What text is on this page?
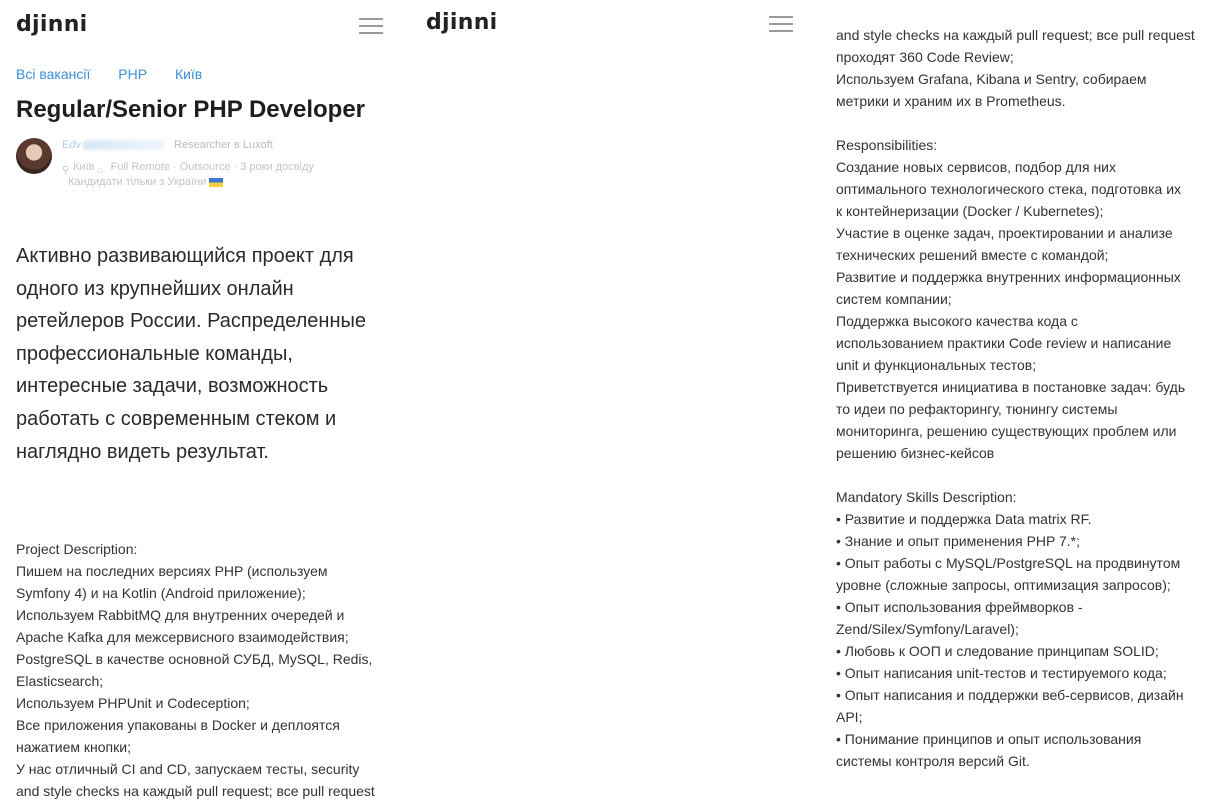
djinni
Всі вакансії PHP Київ
Regular/Senior PHP Developer
Edv	Researcher в Luxoft
⚲ Київ ⌂ Full Remote · Outsource · 3 роки досвіду
Кандидати тільки з України

Активно развивающийся проект для одного из крупнейших онлайн ретейлеров России. Распределенные профессиональные команды, интересные задачи, возможность работать с современным стеком и наглядно видеть результат.

Project Description:
Пишем на последних версиях PHP (используем
Symfony 4) и на Kotlin (Android приложение);
Используем RabbitMQ для внутренних очередей и
Apache Kafka для межсервисного взаимодействия;
PostgreSQL в качестве основной СУБД, MySQL, Redis,
Elasticsearch;
Используем PHPUnit и Codeception;
Все приложения упакованы в Docker и деплоятся
нажатием кнопки;
У нас отличный CI and CD, запускаем тесты, security
and style checks на каждый pull request; все pull request
and style checks на каждый pull request; все pull request
проходят 360 Code Review;
Используем Grafana, Kibana и Sentry, собираем
метрики и храним их в Prometheus.
Responsibilities:
Создание новых сервисов, подбор для них
оптимального технологического стека, подготовка их
к контейнеризации (Docker / Kubernetes);
Участие в оценке задач, проектировании и анализе
технических решений вместе с командой;
Развитие и поддержка внутренних информационных
систем компании;
Поддержка высокого качества кода с
использованием практики Code review и написание
unit и функциональных тестов;
Приветствуется инициатива в постановке задач: будь
то идеи по рефакторингу, тюнингу системы
мониторинга, решению существующих проблем или
решению бизнес-кейсов
Mandatory Skills Description:
• Развитие и поддержка Data matrix RF.
• Знание и опыт применения PHP 7.*;
• Опыт работы с MySQL/PostgreSQL на продвинутом
уровне (сложные запросы, оптимизация запросов);
• Опыт использования фреймворков -
Zend/Silex/Symfony/Laravel);
• Любовь к ООП и следование принципам SOLID;
• Опыт написания unit-тестов и тестируемого кода;
• Опыт написания и поддержки веб-сервисов, дизайн
API;
• Понимание принципов и опыт использования
системы контроля версий Git.
djinni
